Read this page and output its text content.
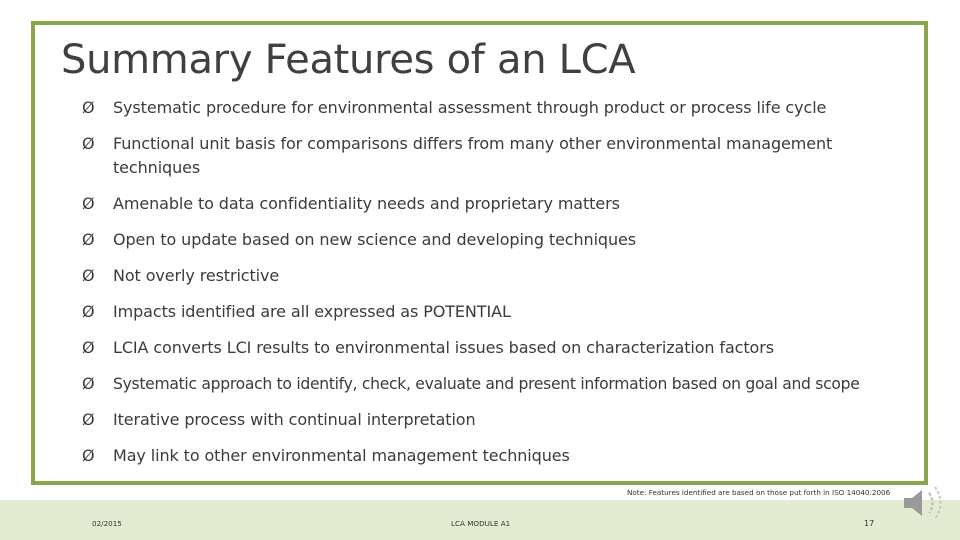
Summary Features of an LCA
Ø	Systematic procedure for environmental assessment through product or process life cycle
Ø	Functional unit basis for comparisons differs from many other environmental management techniques
Ø	Amenable to data confidentiality needs and proprietary matters
Ø	Open to update based on new science and developing techniques
Ø	Not overly restrictive
Ø	Impacts identified are all expressed as POTENTIAL
Ø	LCIA converts LCI results to environmental issues based on characterization factors
Ø	Systematic approach to identify, check, evaluate and present information based on goal and scope
Ø	Iterative process with continual interpretation
Ø	May link to other environmental management techniques
Note: Features identified are based on those put forth in ISO 14040:2006
02/2015	LCA MODULE A1	17
